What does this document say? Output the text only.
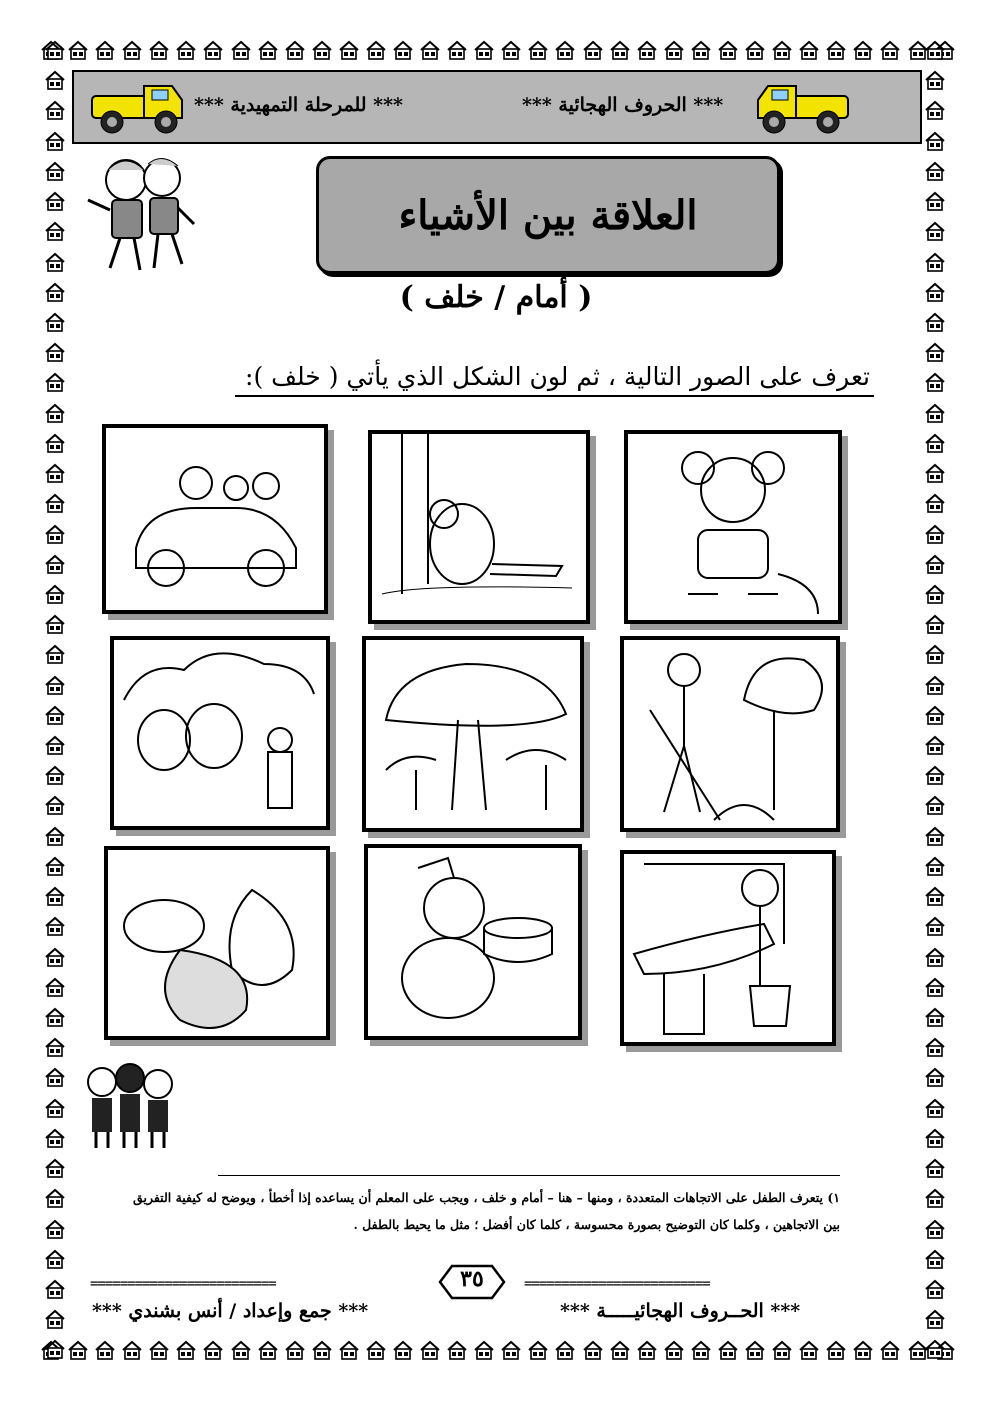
*** للمرحلة التمهيدية ***	*** الحروف الهجائية ***
العلاقة بين الأشياء
( أمام / خلف )
تعرف على الصور التالية ، ثم لون الشكل الذي يأتي ( خلف ):
١) يتعرف الطفل على الاتجاهات المتعددة ، ومنها – هنا – أمام و خلف ، ويجب على المعلم أن يساعده إذا أخطأ ، ويوضح له كيفية التفريق
بين الاتجاهين ، وكلما كان التوضيح بصورة محسوسة ، كلما كان أفضل ؛ مثل ما يحيط بالطفل .
=========================	=========================
٣٥
*** جمع وإعداد / أنس بشندي ***	*** الحــروف الهجائيـــــة ***
